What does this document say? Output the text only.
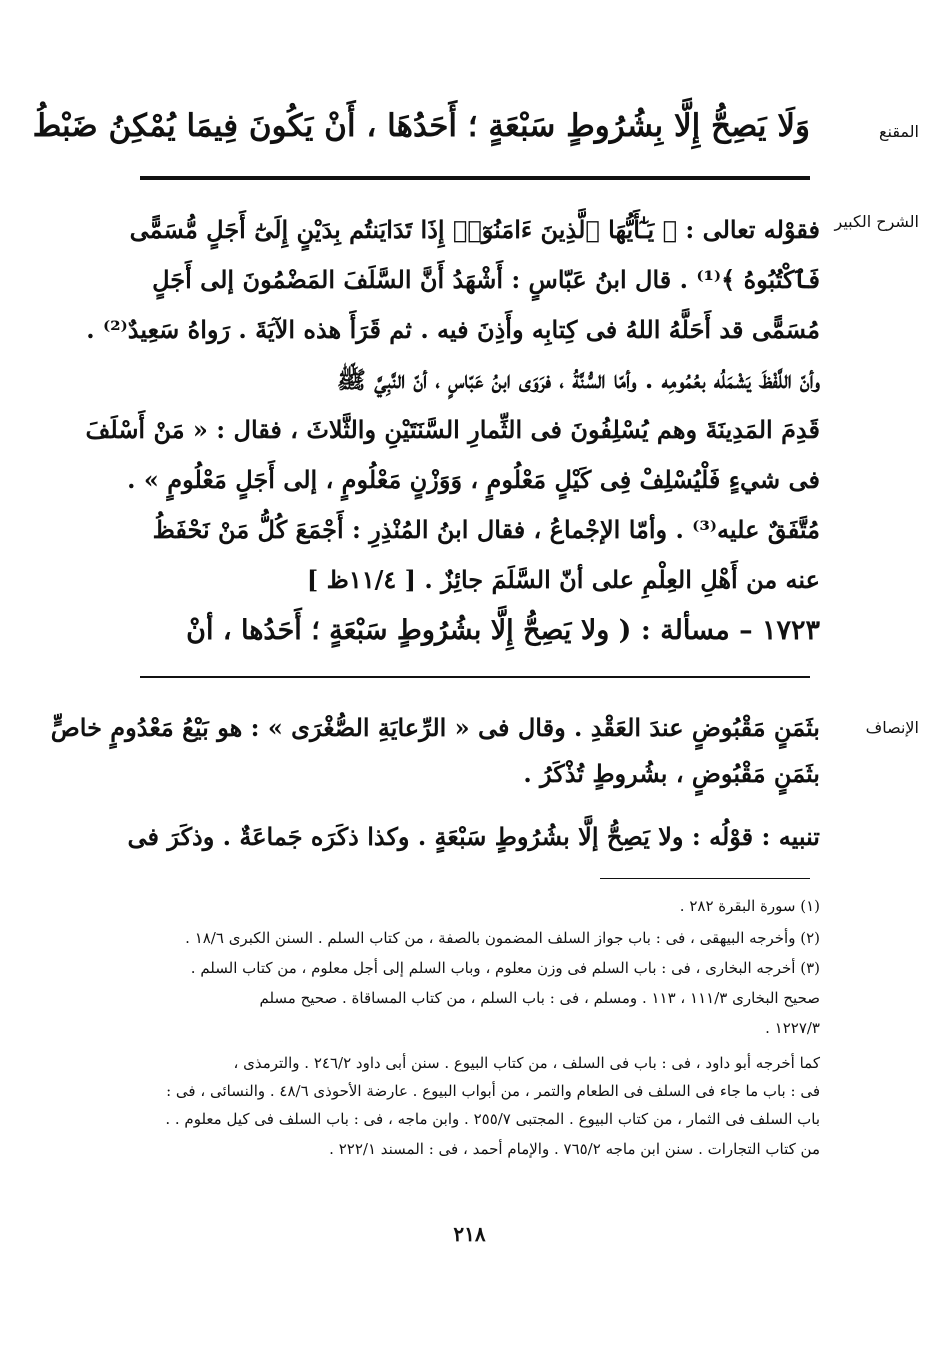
المقنع
وَلَا يَصِحُّ إِلَّا بِشُرُوطٍ سَبْعَةٍ ؛ أَحَدُهَا ، أَنْ يَكُونَ فِيمَا يُمْكِنُ ضَبْطُ
الشرح الكبير
فقوْله تعالى : ﴿ يَـٰٓأَيُّهَا ٱلَّذِينَ ءَامَنُوٓا۟ إِذَا تَدَايَنتُم بِدَيْنٍ إِلَىٰٓ أَجَلٍ مُّسَمًّى
فَٱكْتُبُوهُ ﴾⁽¹⁾ . قال ابنُ عَبّاسٍ : أَشْهَدُ أَنَّ السَّلَفَ المَضْمُونَ إلى أَجَلٍ
مُسَمًّى قد أَحَلَّهُ اللهُ فى كِتابِه وأَذِنَ فيه . ثم قَرَأَ هذه الآيَةَ . رَواهُ سَعِيدٌ⁽²⁾ .
وأنّ اللَّفْظَ يَشْمَلُه بعُمُومِه . وأمّا السُّنَّةُ ، فرَوَى ابنُ عَبّاسٍ ، أنّ النَّبِيَّ ﷺ
قَدِمَ المَدِينَةَ وهم يُسْلِفُونَ فى الثِّمارِ السَّنَتَيْنِ والثَّلاثَ ، فقال : « مَنْ أَسْلَفَ
فى شيءٍ فَلْيُسْلِفْ فِى كَيْلٍ مَعْلُومٍ ، وَوَزْنٍ مَعْلُومٍ ، إلى أَجَلٍ مَعْلُومٍ » .
مُتَّفَقٌ عليه⁽³⁾ . وأمّا الإجْماعُ ، فقال ابنُ المُنْذِرِ : أَجْمَعَ كُلُّ مَنْ نَحْفَظُ
عنه من أَهْلِ العِلْمِ على أنّ السَّلَمَ جائِزٌ . [ ١١/٤ظ ]
١٧٢٣ – مسألة : ( ولا يَصِحُّ إِلَّا بشُرُوطٍ سَبْعَةٍ ؛ أَحَدُها ، أنْ
الإنصاف
بثَمَنٍ مَقْبُوضٍ عندَ العَقْدِ . وقال فى « الرِّعايَةِ الصُّغْرَى » : هو بَيْعُ مَعْدُومٍ خاصٍّ
بثَمَنٍ مَقْبُوضٍ ، بشُروطٍ تُذْكَرُ .
تنبيه : قوْلُه : ولا يَصِحُّ إلَّا بشُرُوطٍ سَبْعَةٍ . وكذا ذكَرَه جَماعَةٌ . وذكَرَ فى
(١) سورة البقرة ٢٨٢ .
(٢) وأخرجه البيهقى ، فى : باب جواز السلف المضمون بالصفة ، من كتاب السلم . السنن الكبرى ١٨/٦ .
(٣) أخرجه البخارى ، فى : باب السلم فى وزن معلوم ، وباب السلم إلى أجل معلوم ، من كتاب السلم .
صحيح البخارى ١١١/٣ ، ١١٣ . ومسلم ، فى : باب السلم ، من كتاب المساقاة . صحيح مسلم
١٢٢٧/٣ .
كما أخرجه أبو داود ، فى : باب فى السلف ، من كتاب البيوع . سنن أبى داود ٢٤٦/٢ . والترمذى ،
فى : باب ما جاء فى السلف فى الطعام والتمر ، من أبواب البيوع . عارضة الأحوذى ٤٨/٦ . والنسائى ، فى :
باب السلف فى الثمار ، من كتاب البيوع . المجتبى ٢٥٥/٧ . وابن ماجه ، فى : باب السلف فى كيل معلوم . .
من كتاب التجارات . سنن ابن ماجه ٧٦٥/٢ . والإمام أحمد ، فى : المسند ٢٢٢/١ .
٢١٨
